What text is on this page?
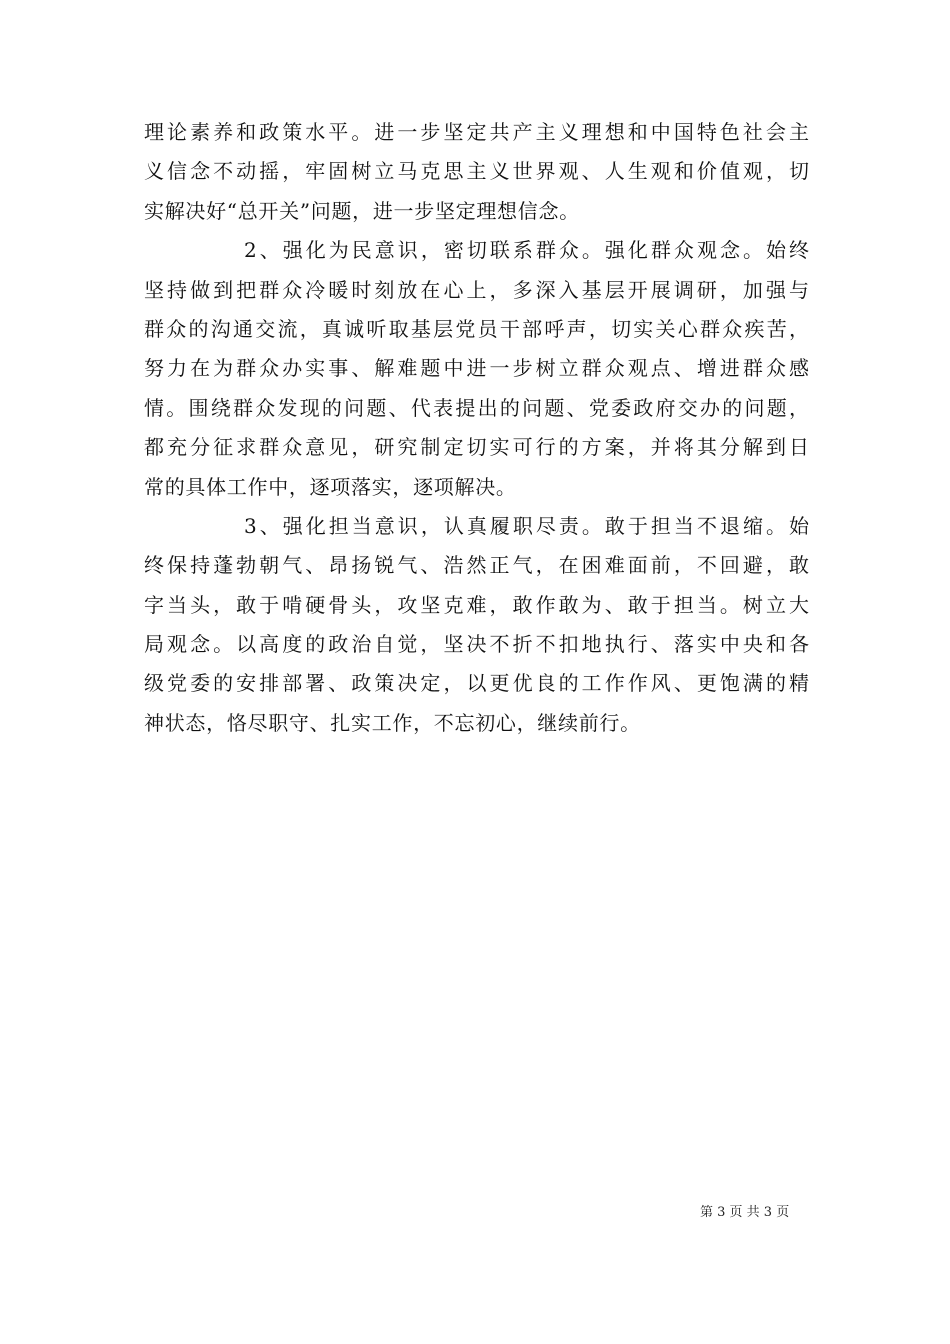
理论素养和政策水平。进一步坚定共产主义理想和中国特色社会主
义信念不动摇，牢固树立马克思主义世界观、人生观和价值观，切
实解决好“总开关”问题，进一步坚定理想信念。
2、强化为民意识，密切联系群众。强化群众观念。始终
坚持做到把群众冷暖时刻放在心上，多深入基层开展调研，加强与
群众的沟通交流，真诚听取基层党员干部呼声，切实关心群众疾苦，
努力在为群众办实事、解难题中进一步树立群众观点、增进群众感
情。围绕群众发现的问题、代表提出的问题、党委政府交办的问题，
都充分征求群众意见，研究制定切实可行的方案，并将其分解到日
常的具体工作中，逐项落实，逐项解决。
3、强化担当意识，认真履职尽责。敢于担当不退缩。始
终保持蓬勃朝气、昂扬锐气、浩然正气，在困难面前，不回避，敢
字当头，敢于啃硬骨头，攻坚克难，敢作敢为、敢于担当。树立大
局观念。以高度的政治自觉，坚决不折不扣地执行、落实中央和各
级党委的安排部署、政策决定，以更优良的工作作风、更饱满的精
神状态，恪尽职守、扎实工作，不忘初心，继续前行。
第 3 页 共 3 页
